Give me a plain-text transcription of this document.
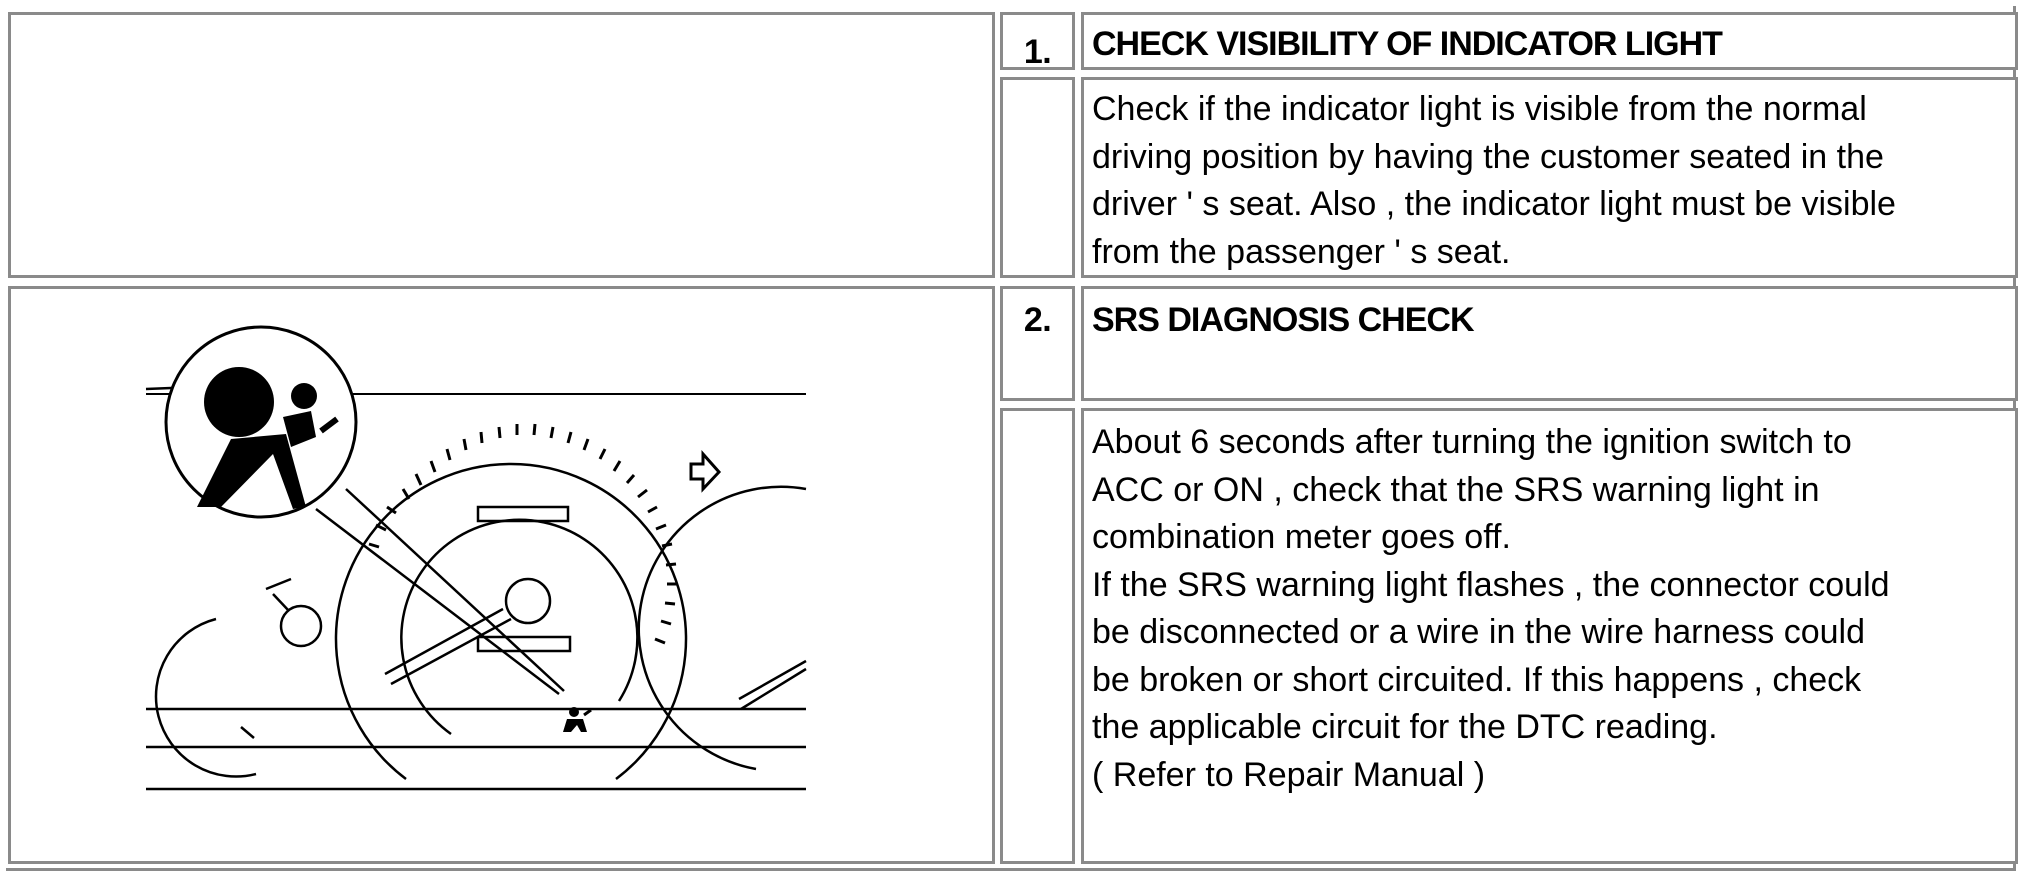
1.	CHECK VISIBILITY OF INDICATOR LIGHT
Check if the indicator light is visible from the normal
driving position by having the customer seated in the
driver ' s seat. Also , the indicator light must be visible
from the passenger ' s seat.
2.	SRS DIAGNOSIS CHECK
About 6 seconds after turning the ignition switch to
ACC or ON , check that the SRS warning light in
combination meter goes off.
If the SRS warning light flashes , the connector could
be disconnected or a wire in the wire harness could
be broken or short circuited. If this happens , check
the applicable circuit for the DTC reading.
( Refer to Repair Manual )
